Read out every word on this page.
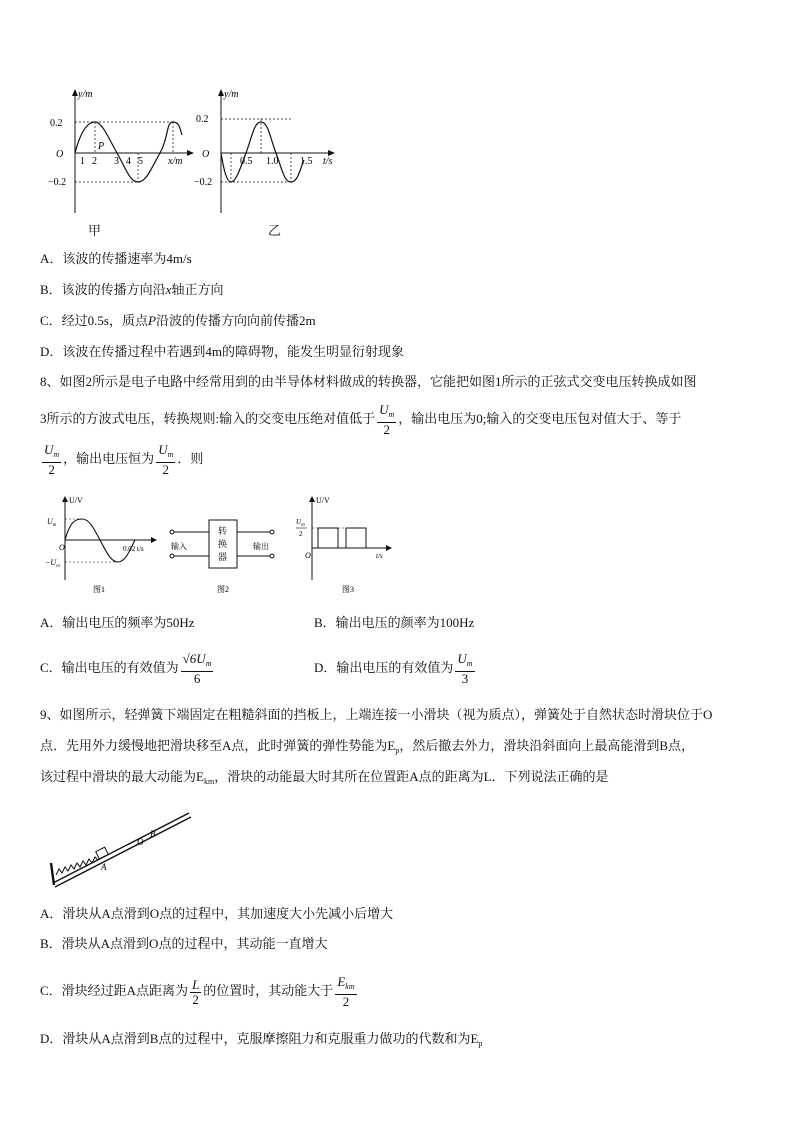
y/m
x/m
O
0.2
−0.2
1 2 3 4 5
P
甲
y/m
t/s
O
0.2
−0.2
0.5 1.0 1.5
乙
A．该波的传播速率为4m/s
B．该波的传播方向沿x轴正方向
C．经过0.5s，质点P沿波的传播方向向前传播2m
D．该波在传播过程中若遇到4m的障碍物，能发生明显衍射现象
8、如图2所示是电子电路中经常用到的由半导体材料做成的转换器，它能把如图1所示的正弦式交变电压转换成如图
3所示的方波式电压，转换规则:输入的交变电压绝对值低于 $\frac{U_m}{2}$ ，输出电压为0;输入的交变电压包对值大于、等于
$\frac{U_m}{2}$ ，输出电压恒为 $\frac{U_m}{2}$ ．则
U/V
$U_m$
$-U_m$
O	0.02 t/s
图1
转
换
器
输入	输出
图2
U/V
$U_m$
2
O	t/s
图3
A．输出电压的频率为50Hz	B．输出电压的颜率为100Hz
C．输出电压的有效值为 $\frac{√6U_m}{6}$	D．输出电压的有效值为 $\frac{U_m}{3}$
9、如图所示，轻弹簧下端固定在粗糙斜面的挡板上，上端连接一小滑块（视为质点），弹簧处于自然状态时滑块位于O
点．先用外力缓慢地把滑块移至A点，此时弹簧的弹性势能为$E_p$，然后撤去外力，滑块沿斜面向上最高能滑到B点，
该过程中滑块的最大动能为$E_{km}$，滑块的动能最大时其所在位置距A点的距离为L．下列说法正确的是
A
O
B
A．滑块从A点滑到O点的过程中，其加速度大小先减小后增大
B．滑块从A点滑到O点的过程中，其动能一直增大
C．滑块经过距A点距离为 $\frac{L}{2}$ 的位置时，其动能大于 $\frac{E_{km}}{2}$
D．滑块从A点滑到B点的过程中，克服摩擦阻力和克服重力做功的代数和为$E_p$
